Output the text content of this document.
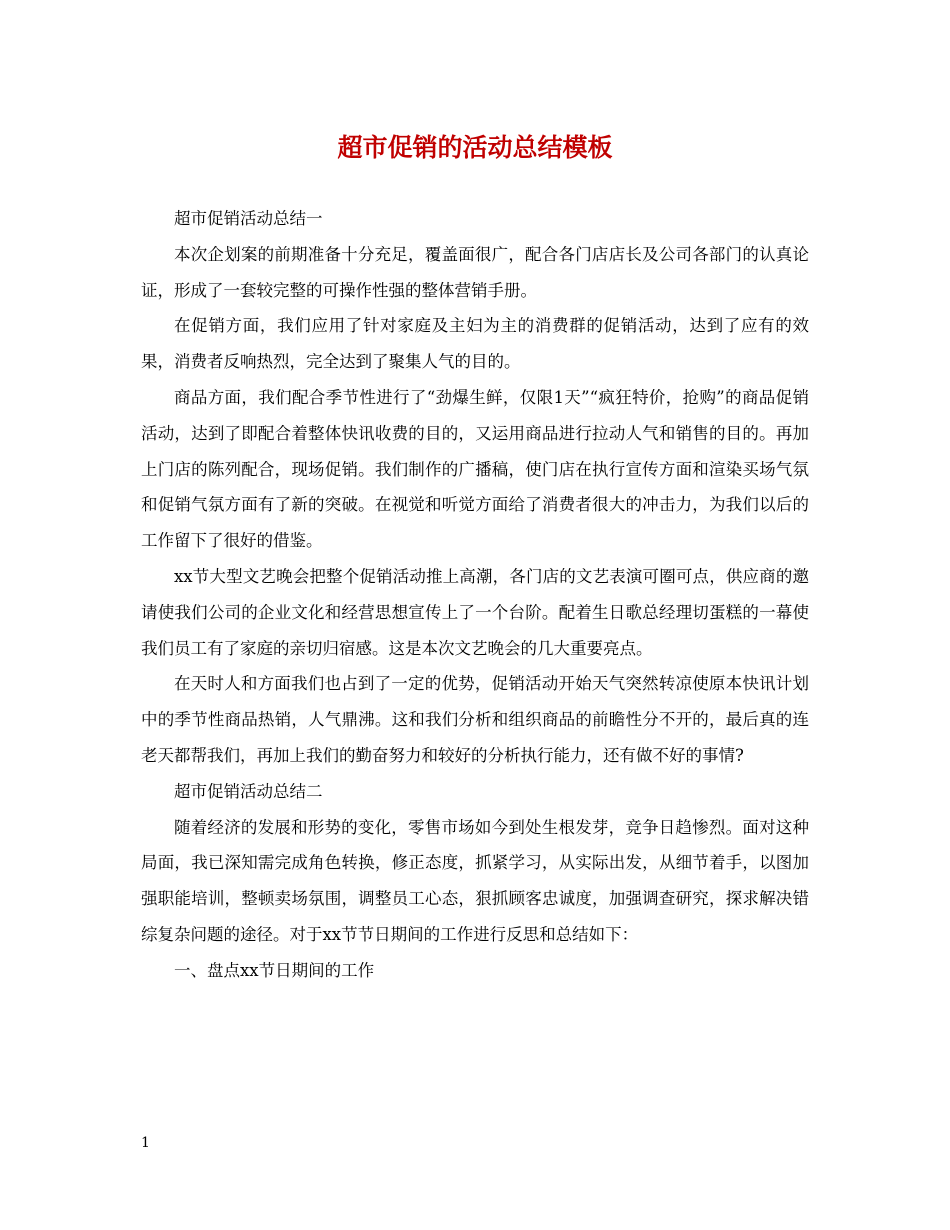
超市促销的活动总结模板

超市促销活动总结一

本次企划案的前期准备十分充足，覆盖面很广，配合各门店店长及公司各部门的认真论证，形成了一套较完整的可操作性强的整体营销手册。

在促销方面，我们应用了针对家庭及主妇为主的消费群的促销活动，达到了应有的效果，消费者反响热烈，完全达到了聚集人气的目的。

商品方面，我们配合季节性进行了“劲爆生鲜，仅限1天”“疯狂特价，抢购”的商品促销活动，达到了即配合着整体快讯收费的目的，又运用商品进行拉动人气和销售的目的。再加上门店的陈列配合，现场促销。我们制作的广播稿，使门店在执行宣传方面和渲染买场气氛和促销气氛方面有了新的突破。在视觉和听觉方面给了消费者很大的冲击力，为我们以后的工作留下了很好的借鉴。

xx节大型文艺晚会把整个促销活动推上高潮，各门店的文艺表演可圈可点，供应商的邀请使我们公司的企业文化和经营思想宣传上了一个台阶。配着生日歌总经理切蛋糕的一幕使我们员工有了家庭的亲切归宿感。这是本次文艺晚会的几大重要亮点。

在天时人和方面我们也占到了一定的优势，促销活动开始天气突然转凉使原本快讯计划中的季节性商品热销，人气鼎沸。这和我们分析和组织商品的前瞻性分不开的，最后真的连老天都帮我们，再加上我们的勤奋努力和较好的分析执行能力，还有做不好的事情?

超市促销活动总结二

随着经济的发展和形势的变化，零售市场如今到处生根发芽，竞争日趋惨烈。面对这种局面，我已深知需完成角色转换，修正态度，抓紧学习，从实际出发，从细节着手，以图加强职能培训，整顿卖场氛围，调整员工心态，狠抓顾客忠诚度，加强调查研究，探求解决错综复杂问题的途径。对于xx节节日期间的工作进行反思和总结如下：

一、盘点xx节日期间的工作

1
